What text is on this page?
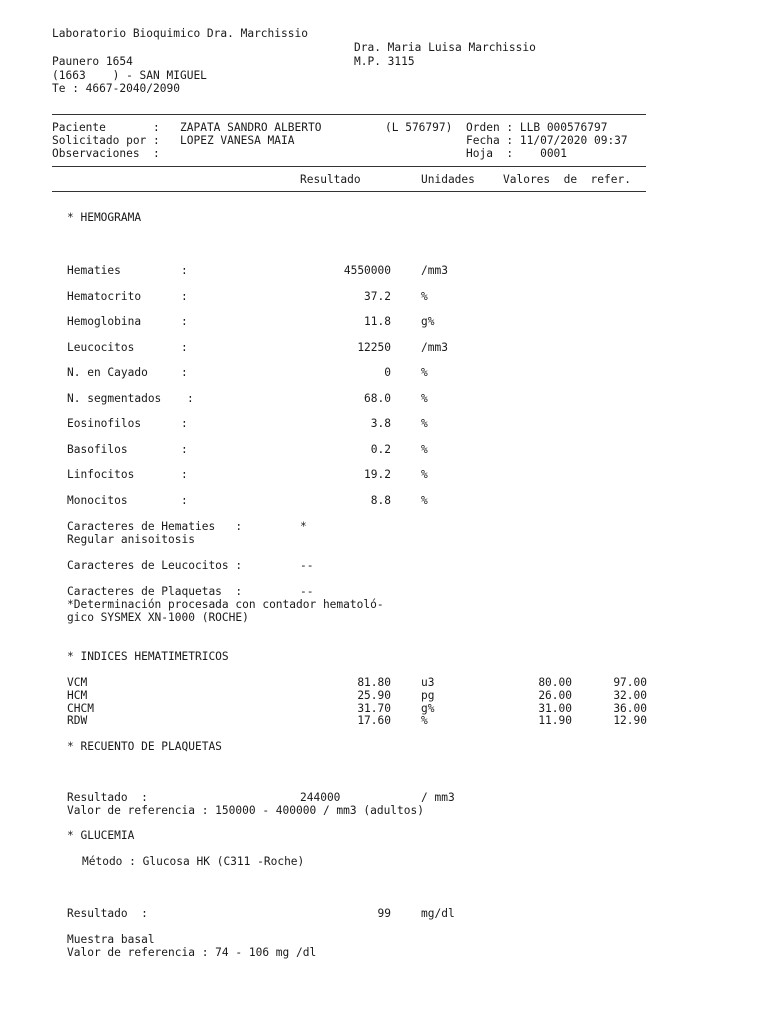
Laboratorio Bioquimico Dra. Marchissio
Dra. Maria Luisa Marchissio
Paunero 1654	M.P. 3115
(1663    ) - SAN MIGUEL
Te : 4667-2040/2090
Paciente       : ZAPATA SANDRO ALBERTO	(L 576797) Orden : LLB 000576797
Solicitado por : LOPEZ VANESA MAIA	Fecha : 11/07/2020 09:37
Observaciones  :	Hoja  :    0001
Resultado	Unidades	Valores  de  refer.
* HEMOGRAMA
Hematies	:	4550000	/mm3
Hematocrito	:	37.2	%
Hemoglobina	:	11.8	g%
Leucocitos	:	12250	/mm3
N. en Cayado	:	0	%
N. segmentados :	68.0	%
Eosinofilos	:	3.8	%
Basofilos	:	0.2	%
Linfocitos	:	19.2	%
Monocitos	:	8.8	%
Caracteres de Hematies   :	*
Regular anisoitosis
Caracteres de Leucocitos :	--
Caracteres de Plaquetas  :	--
*Determinación procesada con contador hematoló-
gico SYSMEX XN-1000 (ROCHE)
* INDICES HEMATIMETRICOS
VCM	81.80	u3	80.00	97.00
HCM	25.90	pg	26.00	32.00
CHCM	31.70	g%	31.00	36.00
RDW	17.60	%	11.90	12.90
* RECUENTO DE PLAQUETAS
Resultado  :	244000	/ mm3
Valor de referencia : 150000 - 400000 / mm3 (adultos)
* GLUCEMIA
Método : Glucosa HK (C311 -Roche)
Resultado  :	99	mg/dl
Muestra basal
Valor de referencia : 74 - 106 mg /dl
